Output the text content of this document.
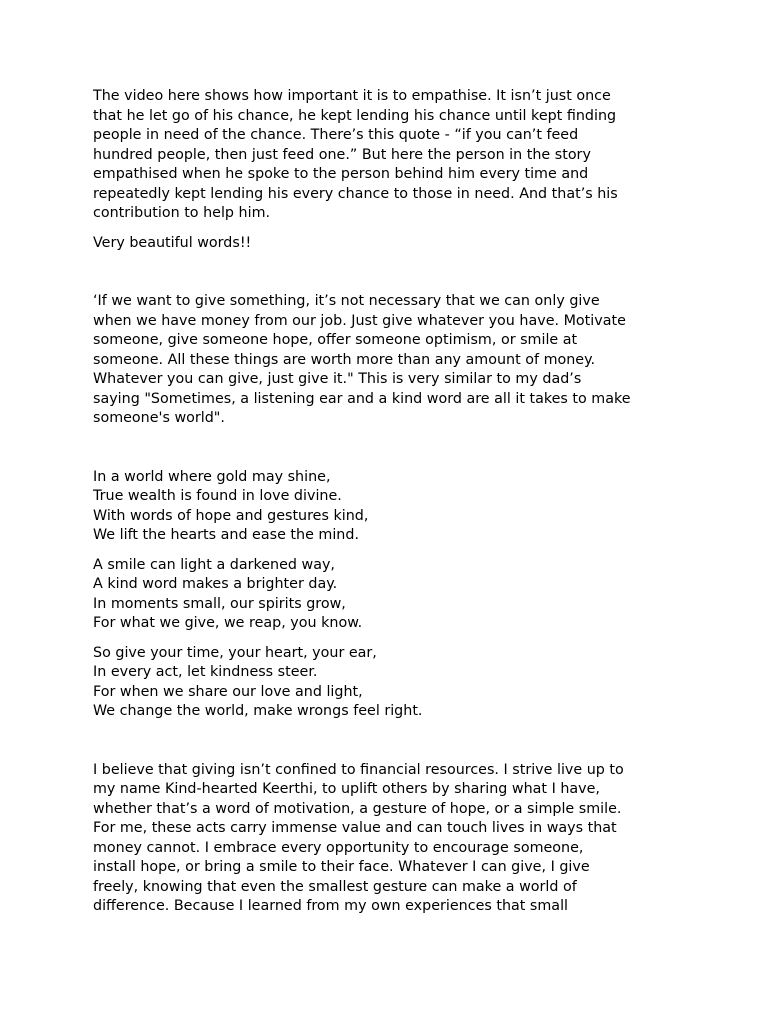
The video here shows how important it is to empathise. It isn’t just once
that he let go of his chance, he kept lending his chance until kept finding
people in need of the chance. There’s this quote - “if you can’t feed
hundred people, then just feed one.” But here the person in the story
empathised when he spoke to the person behind him every time and
repeatedly kept lending his every chance to those in need. And that’s his
contribution to help him.

Very beautiful words!!

‘If we want to give something, it’s not necessary that we can only give
when we have money from our job. Just give whatever you have. Motivate
someone, give someone hope, offer someone optimism, or smile at
someone. All these things are worth more than any amount of money.
Whatever you can give, just give it." This is very similar to my dad’s
saying "Sometimes, a listening ear and a kind word are all it takes to make
someone's world".

In a world where gold may shine,
True wealth is found in love divine.
With words of hope and gestures kind,
We lift the hearts and ease the mind.

A smile can light a darkened way,
A kind word makes a brighter day.
In moments small, our spirits grow,
For what we give, we reap, you know.

So give your time, your heart, your ear,
In every act, let kindness steer.
For when we share our love and light,
We change the world, make wrongs feel right.

I believe that giving isn’t confined to financial resources. I strive live up to
my name Kind-hearted Keerthi, to uplift others by sharing what I have,
whether that’s a word of motivation, a gesture of hope, or a simple smile.
For me, these acts carry immense value and can touch lives in ways that
money cannot. I embrace every opportunity to encourage someone,
install hope, or bring a smile to their face. Whatever I can give, I give
freely, knowing that even the smallest gesture can make a world of
difference. Because I learned from my own experiences that small
